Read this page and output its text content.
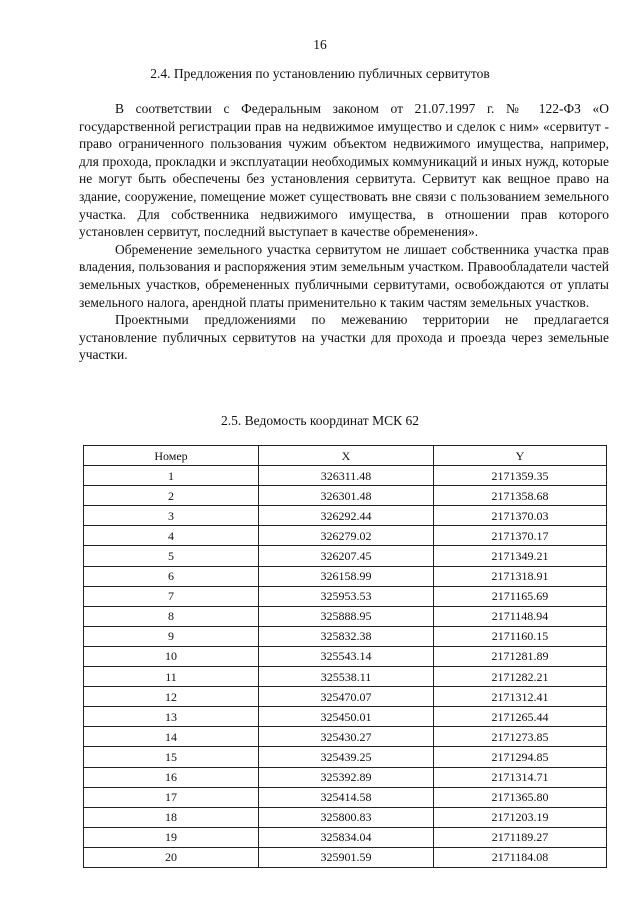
16
2.4. Предложения по установлению публичных сервитутов

В соответствии с Федеральным законом от 21.07.1997 г. № 122-ФЗ «О государственной регистрации прав на недвижимое имущество и сделок с ним» «сервитут - право ограниченного пользования чужим объектом недвижимого имущества, например, для прохода, прокладки и эксплуатации необходимых коммуникаций и иных нужд, которые не могут быть обеспечены без установления сервитута. Сервитут как вещное право на здание, сооружение, помещение может существовать вне связи с пользованием земельного участка. Для собственника недвижимого имущества, в отношении прав которого установлен сервитут, последний выступает в качестве обременения».

Обременение земельного участка сервитутом не лишает собственника участка прав владения, пользования и распоряжения этим земельным участком. Правообладатели частей земельных участков, обремененных публичными сервитутами, освобождаются от уплаты земельного налога, арендной платы применительно к таким частям земельных участков.

Проектными предложениями по межеванию территории не предлагается установление публичных сервитутов на участки для прохода и проезда через земельные участки.

2.5. Ведомость координат МСК 62
Номер	X	Y
1	326311.48	2171359.35
2	326301.48	2171358.68
3	326292.44	2171370.03
4	326279.02	2171370.17
5	326207.45	2171349.21
6	326158.99	2171318.91
7	325953.53	2171165.69
8	325888.95	2171148.94
9	325832.38	2171160.15
10	325543.14	2171281.89
11	325538.11	2171282.21
12	325470.07	2171312.41
13	325450.01	2171265.44
14	325430.27	2171273.85
15	325439.25	2171294.85
16	325392.89	2171314.71
17	325414.58	2171365.80
18	325800.83	2171203.19
19	325834.04	2171189.27
20	325901.59	2171184.08
